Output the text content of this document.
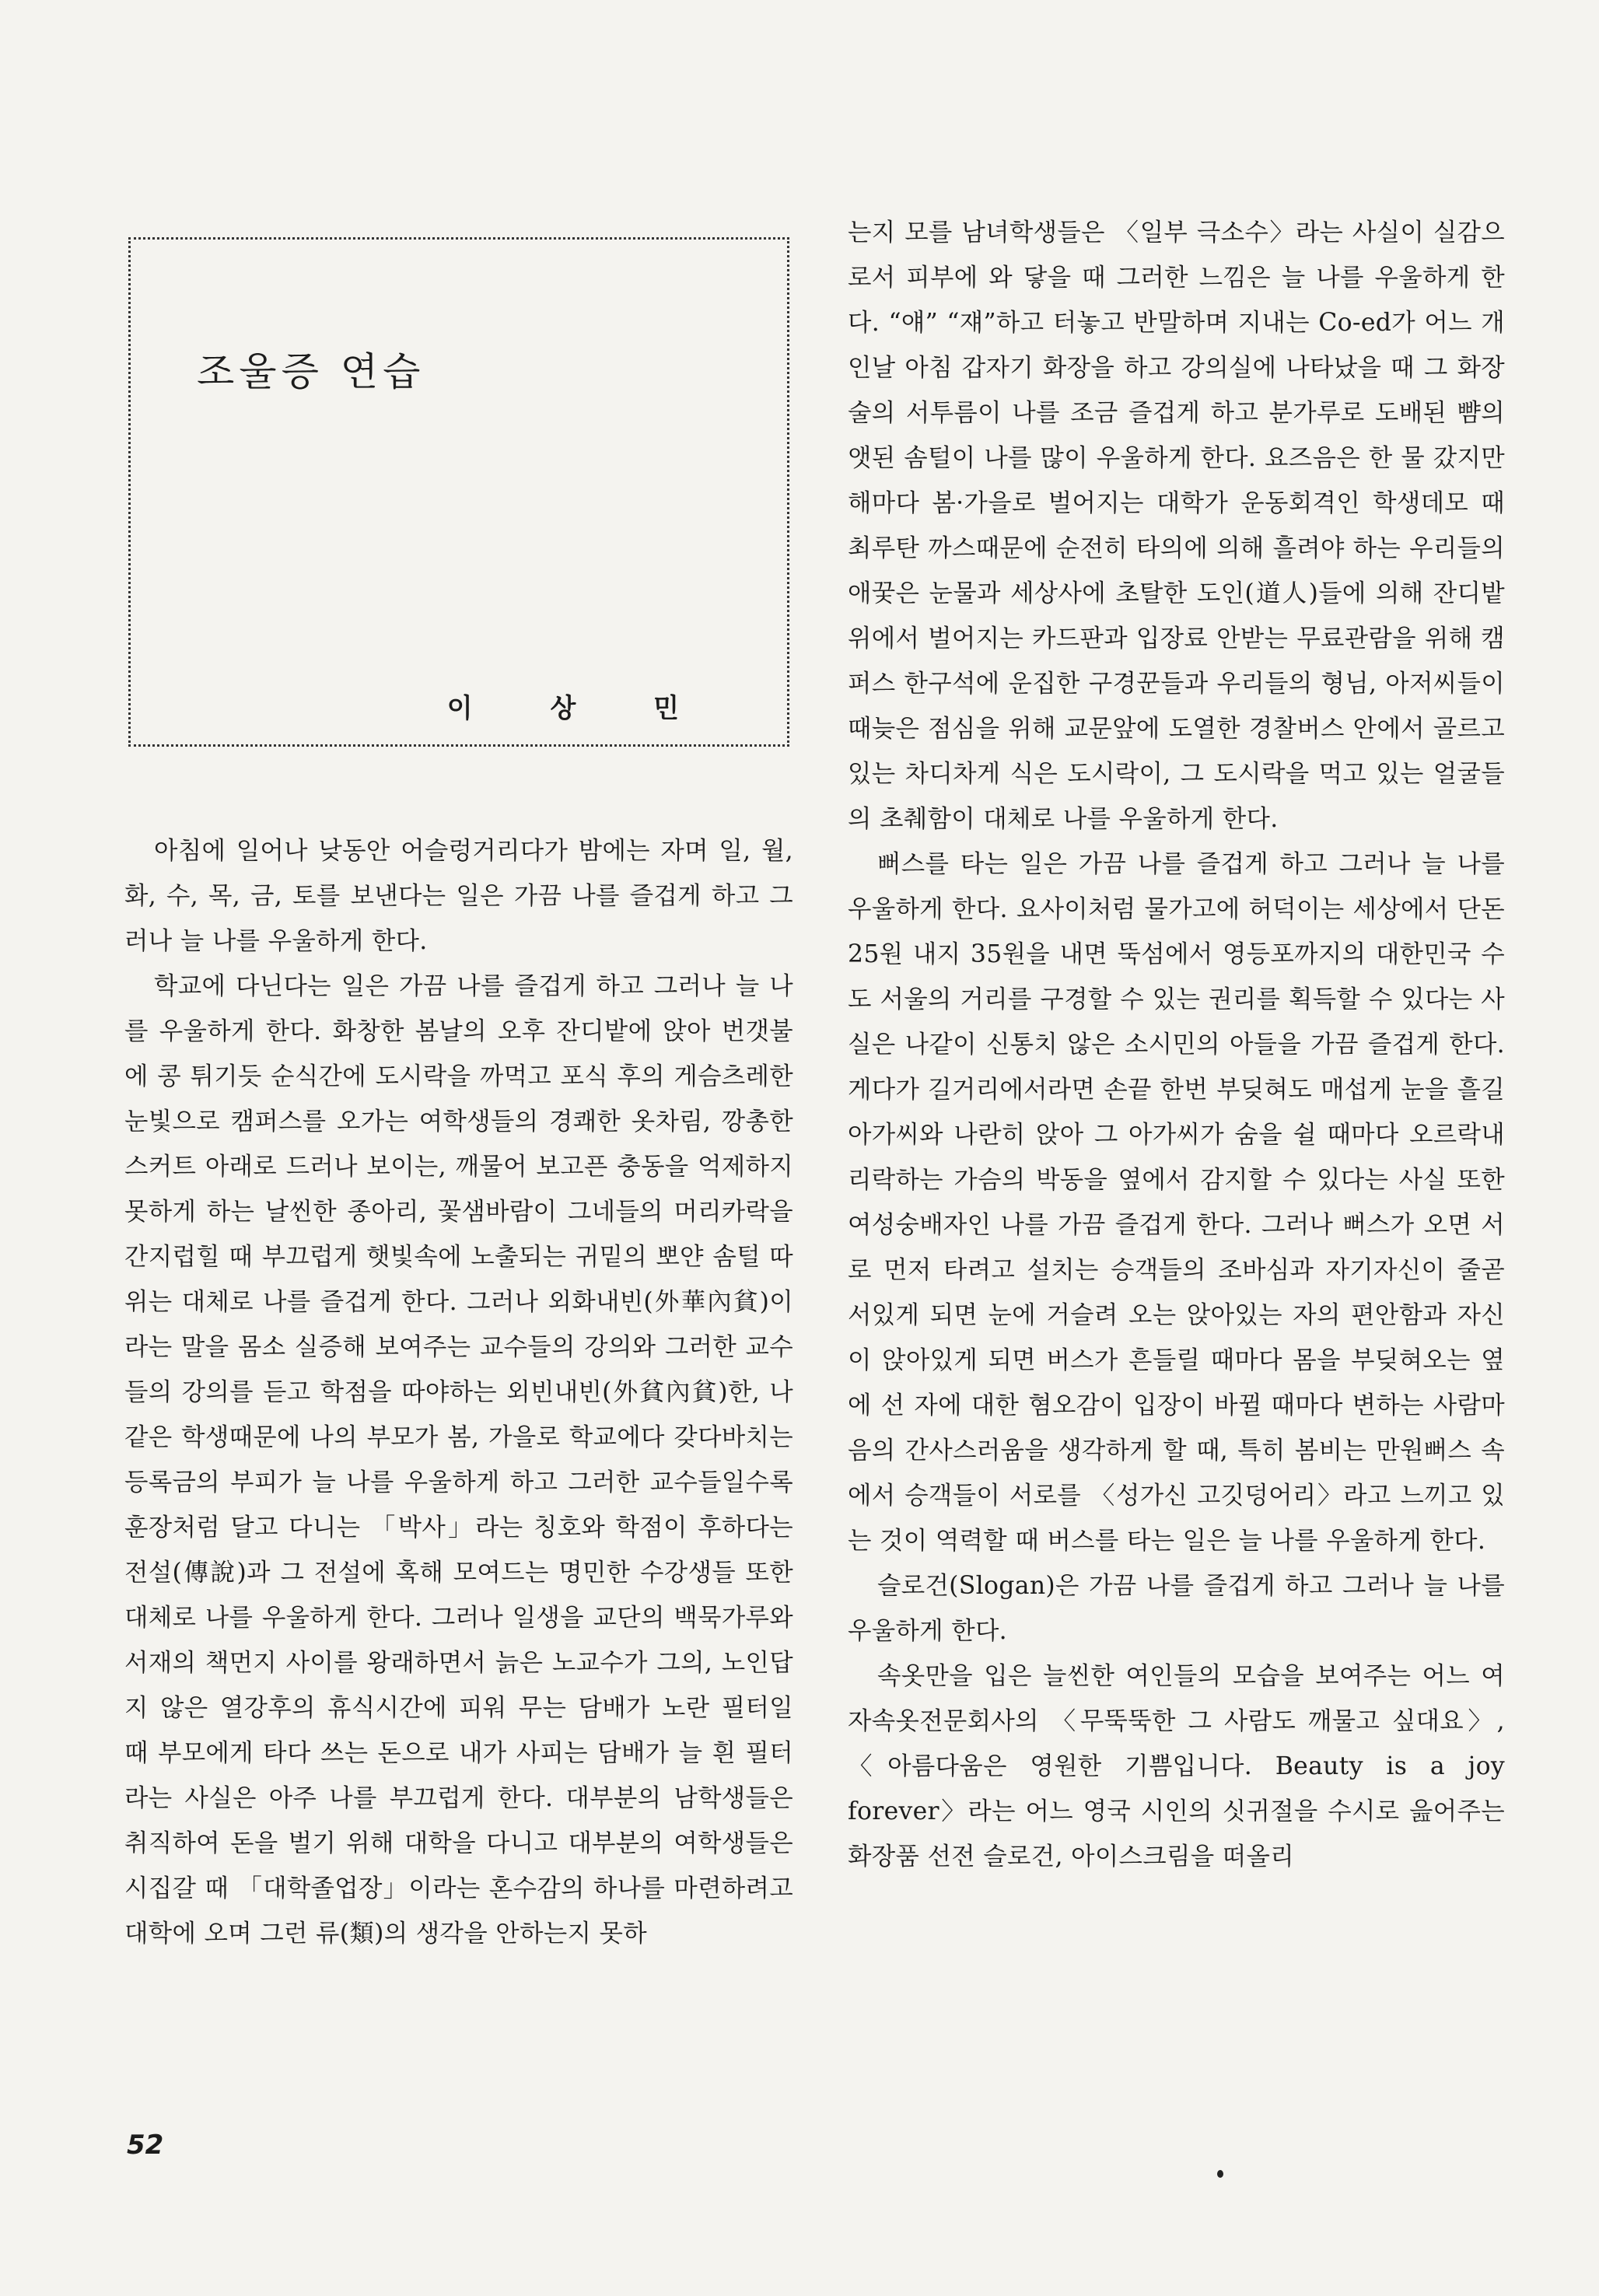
조울증 연습
이 상 민

아침에 일어나 낮동안 어슬렁거리다가 밤에는 자며 일, 월, 화, 수, 목, 금, 토를 보낸다는 일은 가끔 나를 즐겁게 하고 그러나 늘 나를 우울하게 한다.

학교에 다닌다는 일은 가끔 나를 즐겁게 하고 그러나 늘 나를 우울하게 한다. 화창한 봄날의 오후 잔디밭에 앉아 번갯불에 콩 튀기듯 순식간에 도시락을 까먹고 포식 후의 게슴츠레한 눈빛으로 캠퍼스를 오가는 여학생들의 경쾌한 옷차림, 깡총한 스커트 아래로 드러나 보이는, 깨물어 보고픈 충동을 억제하지 못하게 하는 날씬한 종아리, 꽃샘바람이 그네들의 머리카락을 간지럽힐 때 부끄럽게 햇빛속에 노출되는 귀밑의 뽀얀 솜털 따위는 대체로 나를 즐겁게 한다. 그러나 외화내빈(外華內貧)이라는 말을 몸소 실증해 보여주는 교수들의 강의와 그러한 교수들의 강의를 듣고 학점을 따야하는 외빈내빈(外貧內貧)한, 나같은 학생때문에 나의 부모가 봄, 가을로 학교에다 갖다바치는 등록금의 부피가 늘 나를 우울하게 하고 그러한 교수들일수록 훈장처럼 달고 다니는 「박사」라는 칭호와 학점이 후하다는 전설(傳說)과 그 전설에 혹해 모여드는 명민한 수강생들 또한 대체로 나를 우울하게 한다. 그러나 일생을 교단의 백묵가루와 서재의 책먼지 사이를 왕래하면서 늙은 노교수가 그의, 노인답지 않은 열강후의 휴식시간에 피워 무는 담배가 노란 필터일 때 부모에게 타다 쓰는 돈으로 내가 사피는 담배가 늘 흰 필터라는 사실은 아주 나를 부끄럽게 한다. 대부분의 남학생들은 취직하여 돈을 벌기 위해 대학을 다니고 대부분의 여학생들은 시집갈 때 「대학졸업장」이라는 혼수감의 하나를 마련하려고 대학에 오며 그런 류(類)의 생각을 안하는지 못하

는지 모를 남녀학생들은 〈일부 극소수〉라는 사실이 실감으로서 피부에 와 닿을 때 그러한 느낌은 늘 나를 우울하게 한다. “얘” “쟤”하고 터놓고 반말하며 지내는 Co-ed가 어느 개인날 아침 갑자기 화장을 하고 강의실에 나타났을 때 그 화장술의 서투름이 나를 조금 즐겁게 하고 분가루로 도배된 뺨의 앳된 솜털이 나를 많이 우울하게 한다. 요즈음은 한 물 갔지만 해마다 봄·가을로 벌어지는 대학가 운동회격인 학생데모 때 최루탄 까스때문에 순전히 타의에 의해 흘려야 하는 우리들의 애꿎은 눈물과 세상사에 초탈한 도인(道人)들에 의해 잔디밭 위에서 벌어지는 카드판과 입장료 안받는 무료관람을 위해 캠퍼스 한구석에 운집한 구경꾼들과 우리들의 형님, 아저씨들이 때늦은 점심을 위해 교문앞에 도열한 경찰버스 안에서 골르고있는 차디차게 식은 도시락이, 그 도시락을 먹고 있는 얼굴들의 초췌함이 대체로 나를 우울하게 한다.

뻐스를 타는 일은 가끔 나를 즐겁게 하고 그러나 늘 나를 우울하게 한다. 요사이처럼 물가고에 허덕이는 세상에서 단돈 25원 내지 35원을 내면 뚝섬에서 영등포까지의 대한민국 수도 서울의 거리를 구경할 수 있는 권리를 획득할 수 있다는 사실은 나같이 신통치 않은 소시민의 아들을 가끔 즐겁게 한다. 게다가 길거리에서라면 손끝 한번 부딪혀도 매섭게 눈을 흘길 아가씨와 나란히 앉아 그 아가씨가 숨을 쉴 때마다 오르락내리락하는 가슴의 박동을 옆에서 감지할 수 있다는 사실 또한 여성숭배자인 나를 가끔 즐겁게 한다. 그러나 뻐스가 오면 서로 먼저 타려고 설치는 승객들의 조바심과 자기자신이 줄곧 서있게 되면 눈에 거슬려 오는 앉아있는 자의 편안함과 자신이 앉아있게 되면 버스가 흔들릴 때마다 몸을 부딪혀오는 옆에 선 자에 대한 혐오감이 입장이 바뀔 때마다 변하는 사람마음의 간사스러움을 생각하게 할 때, 특히 봄비는 만원뻐스 속에서 승객들이 서로를 〈성가신 고깃덩어리〉라고 느끼고 있는 것이 역력할 때 버스를 타는 일은 늘 나를 우울하게 한다.

슬로건(Slogan)은 가끔 나를 즐겁게 하고 그러나 늘 나를 우울하게 한다.

속옷만을 입은 늘씬한 여인들의 모습을 보여주는 어느 여자속옷전문회사의 〈무뚝뚝한 그 사람도 깨물고 싶대요〉, 〈아름다움은 영원한 기쁨입니다. Beauty is a joy forever〉라는 어느 영국 시인의 싯귀절을 수시로 읊어주는 화장품 선전 슬로건, 아이스크림을 떠올리

52
